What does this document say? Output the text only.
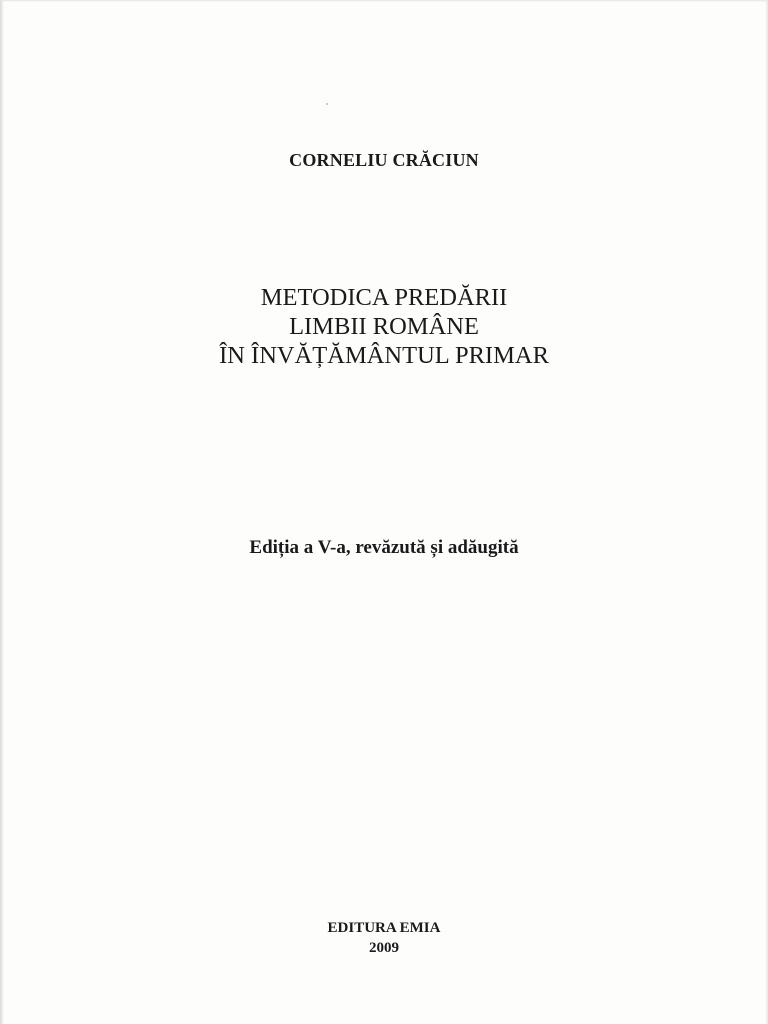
CORNELIU CRĂCIUN
METODICA PREDĂRII
LIMBII ROMÂNE
ÎN ÎNVĂȚĂMÂNTUL PRIMAR
Ediția a V-a, revăzută și adăugită
EDITURA EMIA
2009
